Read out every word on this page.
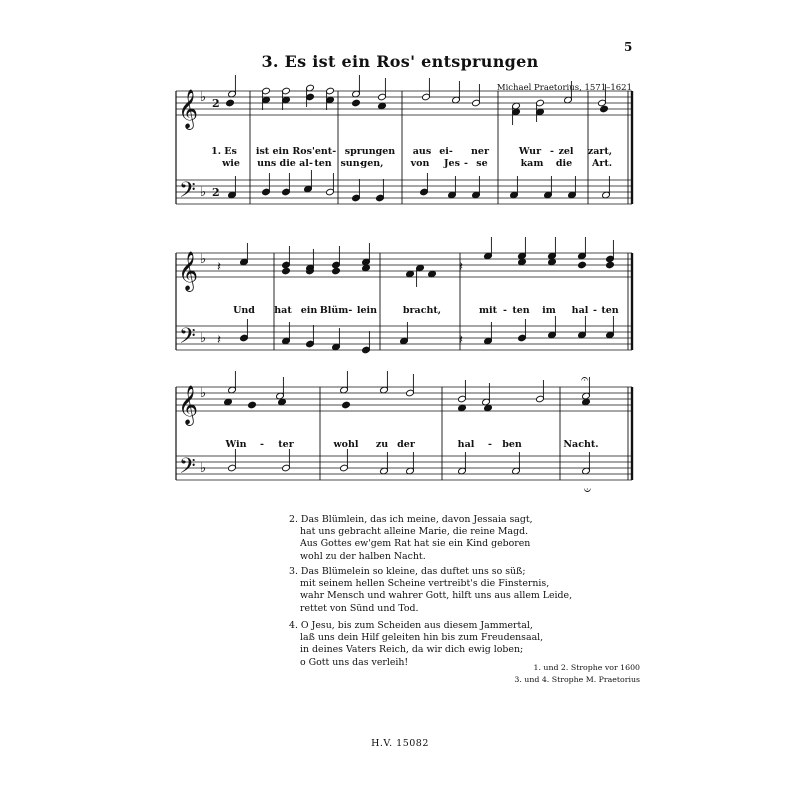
5
3. Es ist ein Ros' entsprungen
Michael Praetorius, 1571–1621
𝄞
𝄢
♭
♭
2
2
1. Es ist ein Ros'ent- sprungen aus ei- ner	Wur - zel zart,
wie uns die al - ten sun-
gen,	von Jes - se	kam die Art.
𝄞
𝄢
♭
♭
Und hat ein Blüm- lein	bracht,	mit - ten im hal - ten
𝄞
𝄢
♭
♭
Win - ter	wohl zu der	hal - ben	Nacht.
𝄽	𝄽
𝄽	𝄽
𝄐
𝄐

2. Das Blümlein, das ich meine, davon Jessaia sagt,

hat uns gebracht alleine Marie, die reine Magd.

Aus Gottes ew'gem Rat hat sie ein Kind geboren

wohl zu der halben Nacht.

3. Das Blümelein so kleine, das duftet uns so süß;

mit seinem hellen Scheine vertreibt's die Finsternis,

wahr Mensch und wahrer Gott, hilft uns aus allem Leide,

rettet von Sünd und Tod.

4. O Jesu, bis zum Scheiden aus diesem Jammertal,

laß uns dein Hilf geleiten hin bis zum Freudensaal,

in deines Vaters Reich, da wir dich ewig loben;

o Gott uns das verleih!	1. und 2. Strophe vor 1600
3. und 4. Strophe M. Praetorius
H.V. 15082
